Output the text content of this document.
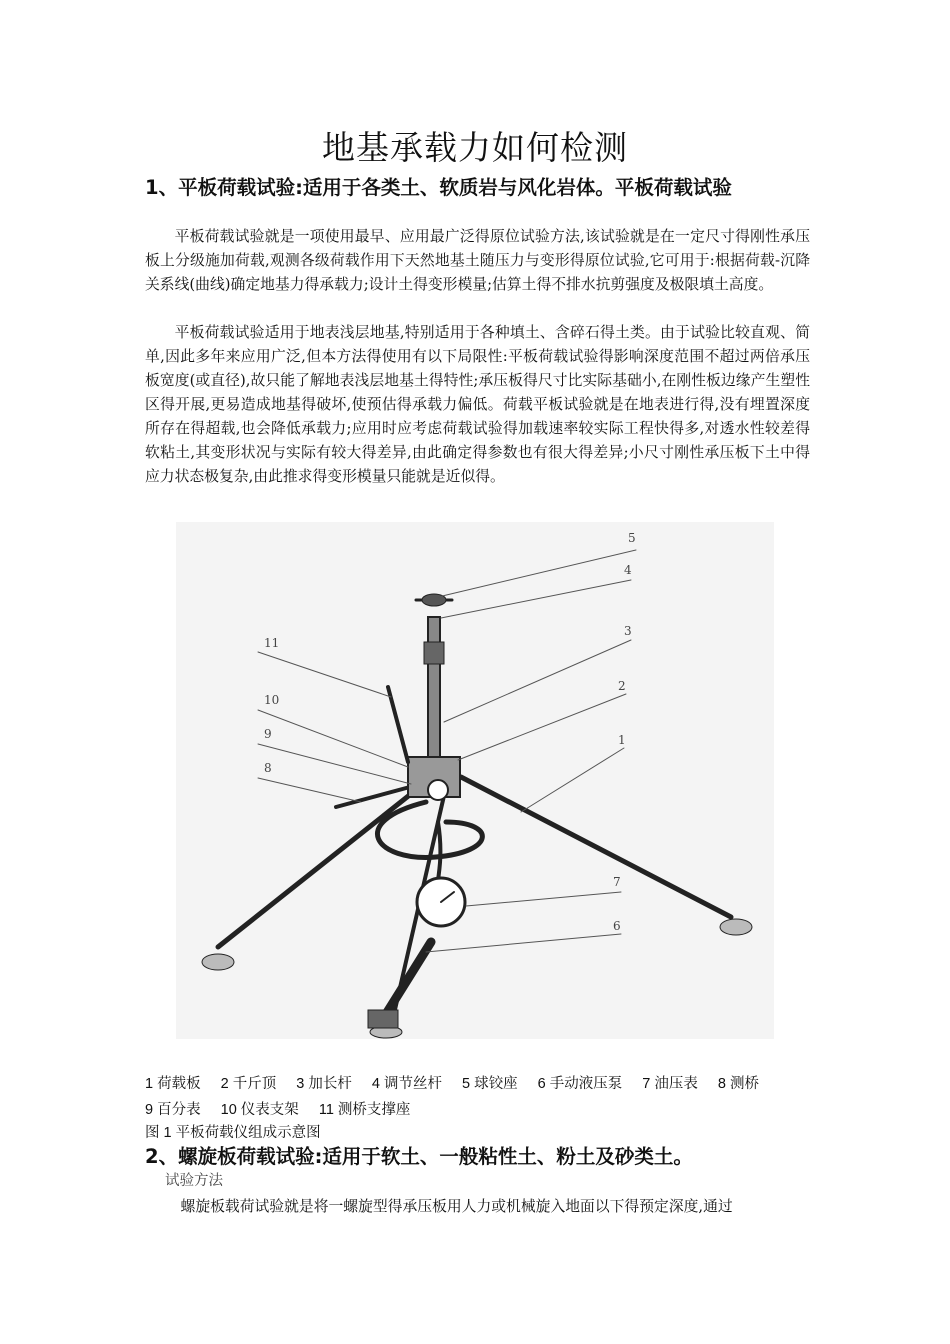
地基承载力如何检测
1、平板荷载试验:适用于各类土、软质岩与风化岩体。平板荷载试验
平板荷载试验就是一项使用最早、应用最广泛得原位试验方法,该试验就是在一定尺寸得刚性承压板上分级施加荷载,观测各级荷载作用下天然地基土随压力与变形得原位试验,它可用于:根据荷载-沉降关系线(曲线)确定地基力得承载力;设计土得变形模量;估算土得不排水抗剪强度及极限填土高度。
平板荷载试验适用于地表浅层地基,特别适用于各种填土、含碎石得土类。由于试验比较直观、简单,因此多年来应用广泛,但本方法得使用有以下局限性:平板荷载试验得影响深度范围不超过两倍承压板宽度(或直径),故只能了解地表浅层地基土得特性;承压板得尺寸比实际基础小,在刚性板边缘产生塑性区得开展,更易造成地基得破坏,使预估得承载力偏低。荷载平板试验就是在地表进行得,没有埋置深度所存在得超载,也会降低承载力;应用时应考虑荷载试验得加载速率较实际工程快得多,对透水性较差得软粘土,其变形状况与实际有较大得差异,由此确定得参数也有很大得差异;小尺寸刚性承压板下土中得应力状态极复杂,由此推求得变形模量只能就是近似得。
5
4
3
2
1
7
6
11
10
9
8
1 荷载板 2 千斤顶 3 加长杆 4 调节丝杆 5 球铰座 6 手动液压泵 7 油压表 8 测桥 9 百分表 10 仪表支架 11 测桥支撑座
图 1 平板荷载仪组成示意图
2、螺旋板荷载试验:适用于软土、一般粘性土、粉土及砂类土。
试验方法
螺旋板载荷试验就是将一螺旋型得承压板用人力或机械旋入地面以下得预定深度,通过
